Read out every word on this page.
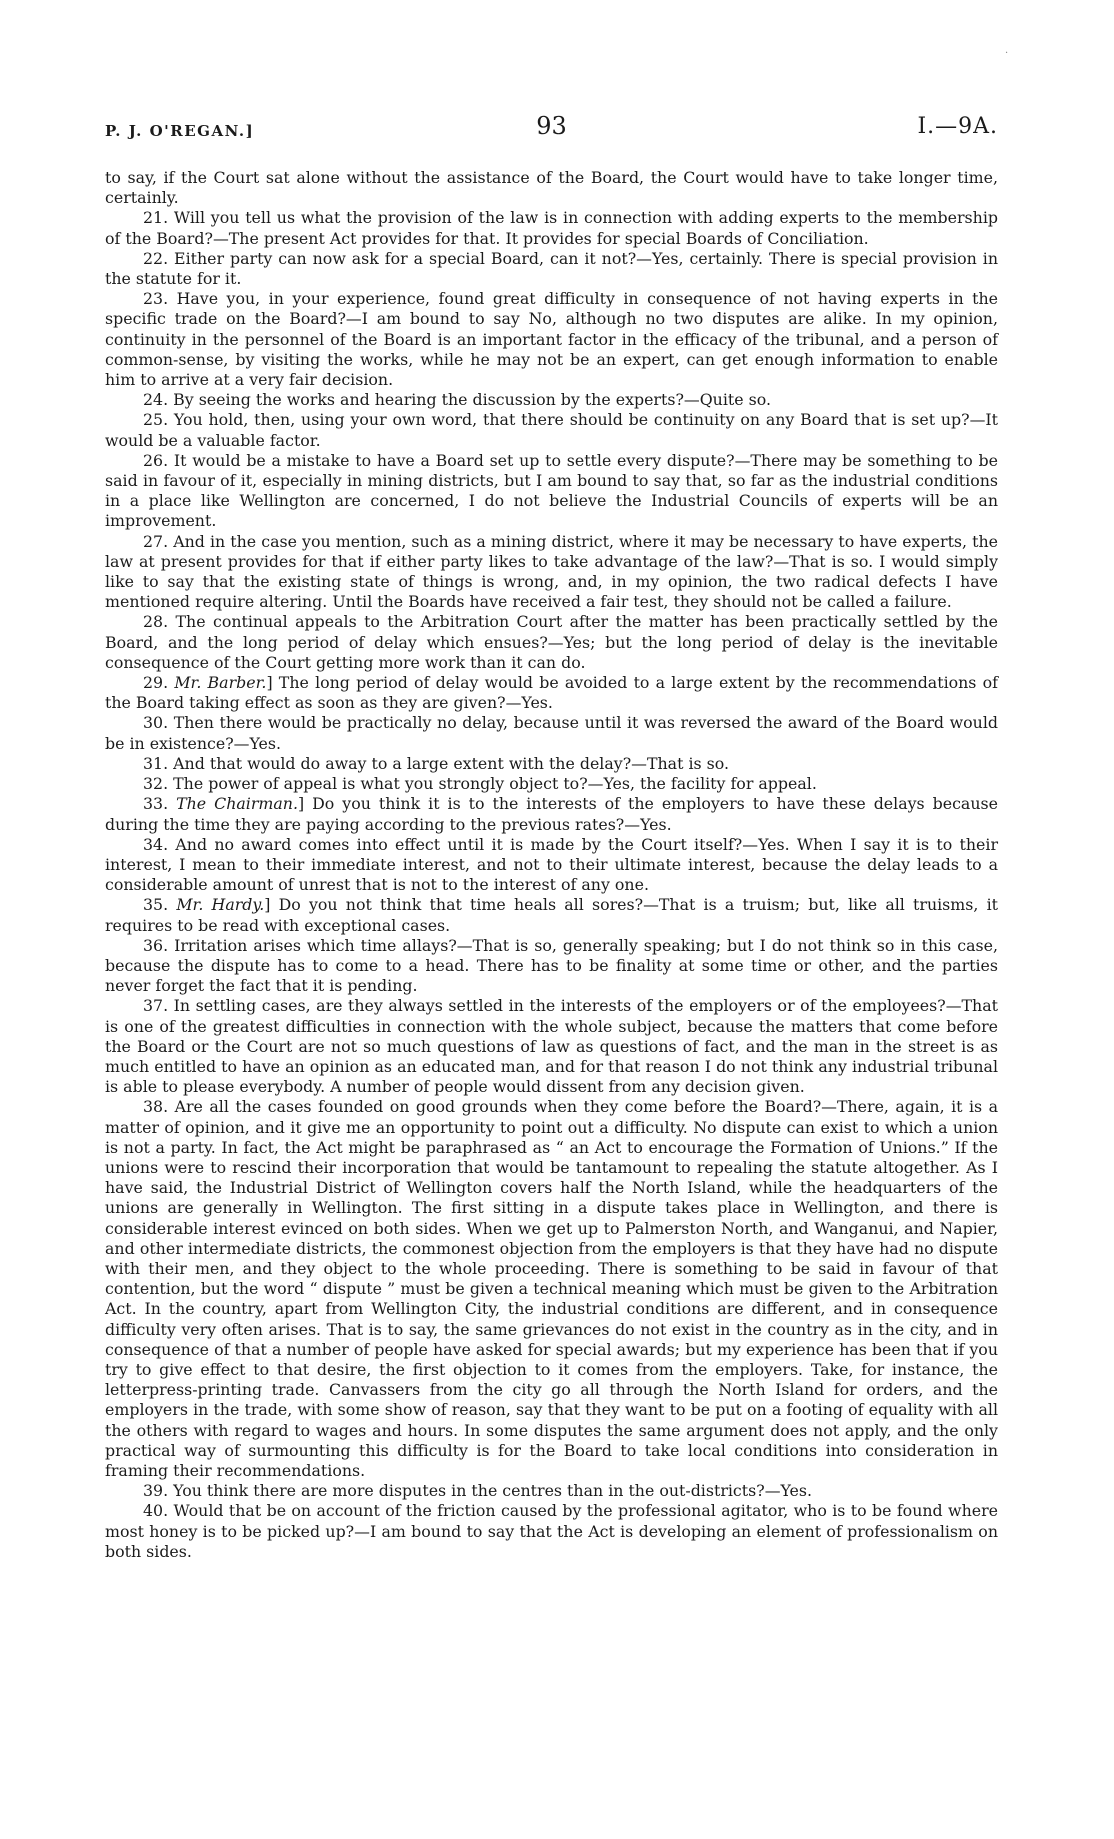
·
P. J. O'REGAN.]	93	I.—9A.

to say, if the Court sat alone without the assistance of the Board, the Court would have to take longer time, certainly.

21. Will you tell us what the provision of the law is in connection with adding experts to the membership of the Board?—The present Act provides for that. It provides for special Boards of Conciliation.

22. Either party can now ask for a special Board, can it not?—Yes, certainly. There is special provision in the statute for it.

23. Have you, in your experience, found great difficulty in consequence of not having experts in the specific trade on the Board?—I am bound to say No, although no two disputes are alike. In my opinion, continuity in the personnel of the Board is an important factor in the efficacy of the tribunal, and a person of common-sense, by visiting the works, while he may not be an expert, can get enough information to enable him to arrive at a very fair decision.

24. By seeing the works and hearing the discussion by the experts?—Quite so.

25. You hold, then, using your own word, that there should be continuity on any Board that is set up?—It would be a valuable factor.

26. It would be a mistake to have a Board set up to settle every dispute?—There may be something to be said in favour of it, especially in mining districts, but I am bound to say that, so far as the industrial conditions in a place like Wellington are concerned, I do not believe the Industrial Councils of experts will be an improvement.

27. And in the case you mention, such as a mining district, where it may be necessary to have experts, the law at present provides for that if either party likes to take advantage of the law?—That is so. I would simply like to say that the existing state of things is wrong, and, in my opinion, the two radical defects I have mentioned require altering. Until the Boards have received a fair test, they should not be called a failure.

28. The continual appeals to the Arbitration Court after the matter has been practically settled by the Board, and the long period of delay which ensues?—Yes; but the long period of delay is the inevitable consequence of the Court getting more work than it can do.

29. Mr. Barber.] The long period of delay would be avoided to a large extent by the recommendations of the Board taking effect as soon as they are given?—Yes.

30. Then there would be practically no delay, because until it was reversed the award of the Board would be in existence?—Yes.

31. And that would do away to a large extent with the delay?—That is so.

32. The power of appeal is what you strongly object to?—Yes, the facility for appeal.

33. The Chairman.] Do you think it is to the interests of the employers to have these delays because during the time they are paying according to the previous rates?—Yes.

34. And no award comes into effect until it is made by the Court itself?—Yes. When I say it is to their interest, I mean to their immediate interest, and not to their ultimate interest, because the delay leads to a considerable amount of unrest that is not to the interest of any one.

35. Mr. Hardy.] Do you not think that time heals all sores?—That is a truism; but, like all truisms, it requires to be read with exceptional cases.

36. Irritation arises which time allays?—That is so, generally speaking; but I do not think so in this case, because the dispute has to come to a head. There has to be finality at some time or other, and the parties never forget the fact that it is pending.

37. In settling cases, are they always settled in the interests of the employers or of the employees?—That is one of the greatest difficulties in connection with the whole subject, because the matters that come before the Board or the Court are not so much questions of law as questions of fact, and the man in the street is as much entitled to have an opinion as an educated man, and for that reason I do not think any industrial tribunal is able to please everybody. A number of people would dissent from any decision given.

38. Are all the cases founded on good grounds when they come before the Board?—There, again, it is a matter of opinion, and it give me an opportunity to point out a difficulty. No dispute can exist to which a union is not a party. In fact, the Act might be paraphrased as “ an Act to encourage the Formation of Unions.” If the unions were to rescind their incorporation that would be tantamount to repealing the statute altogether. As I have said, the Industrial District of Wellington covers half the North Island, while the headquarters of the unions are generally in Wellington. The first sitting in a dispute takes place in Wellington, and there is considerable interest evinced on both sides. When we get up to Palmerston North, and Wanganui, and Napier, and other intermediate districts, the commonest objection from the employers is that they have had no dispute with their men, and they object to the whole proceeding. There is something to be said in favour of that contention, but the word “ dispute ” must be given a technical meaning which must be given to the Arbitration Act. In the country, apart from Wellington City, the industrial conditions are different, and in consequence difficulty very often arises. That is to say, the same grievances do not exist in the country as in the city, and in consequence of that a number of people have asked for special awards; but my experience has been that if you try to give effect to that desire, the first objection to it comes from the employers. Take, for instance, the letterpress-printing trade. Canvassers from the city go all through the North Island for orders, and the employers in the trade, with some show of reason, say that they want to be put on a footing of equality with all the others with regard to wages and hours. In some disputes the same argument does not apply, and the only practical way of surmounting this difficulty is for the Board to take local conditions into consideration in framing their recommendations.

39. You think there are more disputes in the centres than in the out-districts?—Yes.

40. Would that be on account of the friction caused by the professional agitator, who is to be found where most honey is to be picked up?—I am bound to say that the Act is developing an element of professionalism on both sides.
